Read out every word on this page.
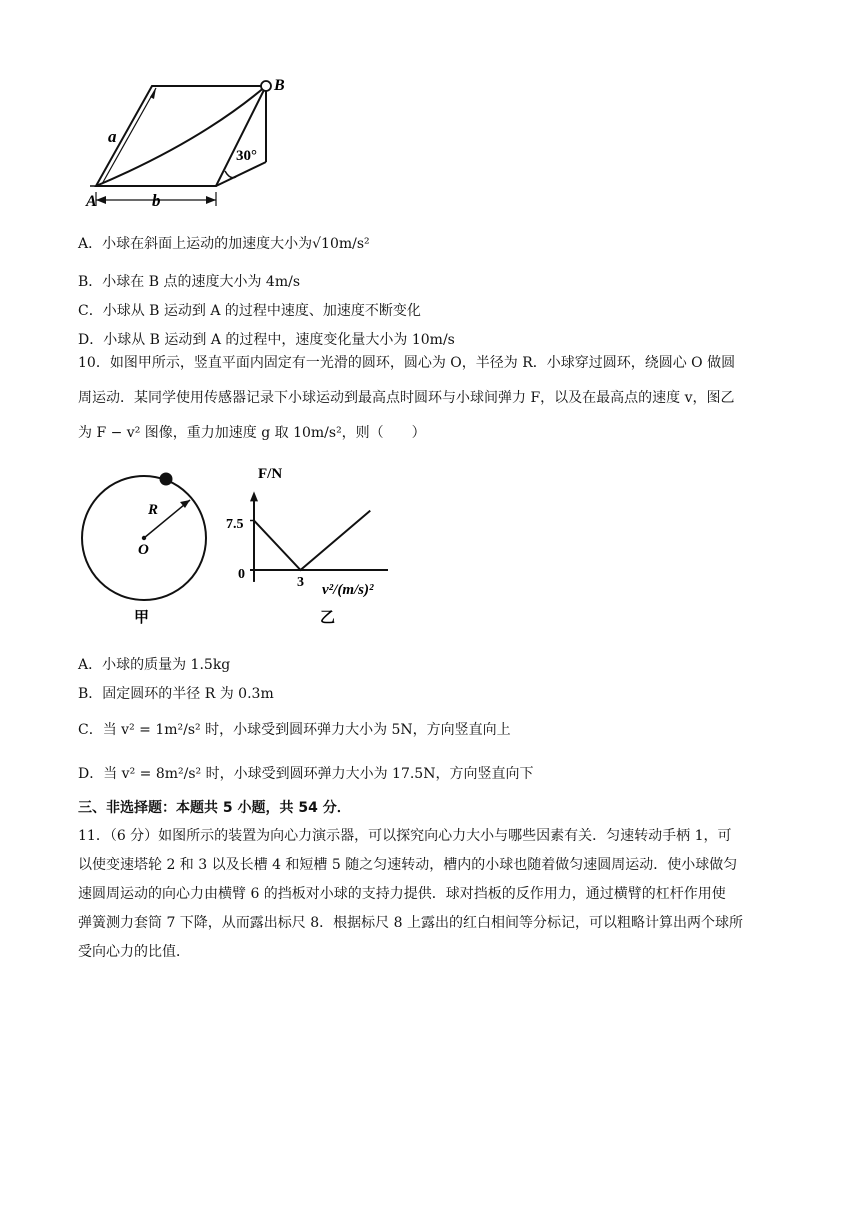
a
b
A
B
30°
A．小球在斜面上运动的加速度大小为√10m/s²
B．小球在 B 点的速度大小为 4m/s
C．小球从 B 运动到 A 的过程中速度、加速度不断变化
D．小球从 B 运动到 A 的过程中，速度变化量大小为 10m/s
10．如图甲所示，竖直平面内固定有一光滑的圆环，圆心为 O，半径为 R．小球穿过圆环，绕圆心 O 做圆
周运动．某同学使用传感器记录下小球运动到最高点时圆环与小球间弹力 F，以及在最高点的速度 v，图乙
为 F − v² 图像，重力加速度 g 取 10m/s²，则（　　）
R
O
甲
F/N
v²/(m/s)²
7.5
0
3
乙
A．小球的质量为 1.5kg
B．固定圆环的半径 R 为 0.3m
C．当 v² = 1m²/s² 时，小球受到圆环弹力大小为 5N，方向竖直向上
D．当 v² = 8m²/s² 时，小球受到圆环弹力大小为 17.5N，方向竖直向下
三、非选择题：本题共 5 小题，共 54 分．
11．（6 分）如图所示的装置为向心力演示器，可以探究向心力大小与哪些因素有关．匀速转动手柄 1，可
以使变速塔轮 2 和 3 以及长槽 4 和短槽 5 随之匀速转动，槽内的小球也随着做匀速圆周运动．使小球做匀
速圆周运动的向心力由横臂 6 的挡板对小球的支持力提供．球对挡板的反作用力，通过横臂的杠杆作用使
弹簧测力套筒 7 下降，从而露出标尺 8．根据标尺 8 上露出的红白相间等分标记，可以粗略计算出两个球所
受向心力的比值．
